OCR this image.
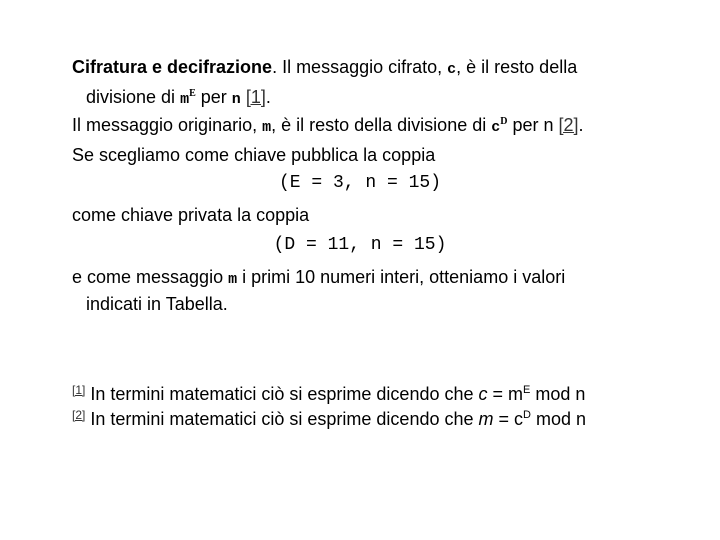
Cifratura e decifrazione. Il messaggio cifrato, c, è il resto della
divisione di $m^E$ per n [1].
Il messaggio originario, m, è il resto della divisione di $c^D$ per n [2].
Se scegliamo come chiave pubblica la coppia
(E = 3, n = 15)
come chiave privata la coppia
(D = 11, n = 15)
e come messaggio m i primi 10 numeri interi, otteniamo i valori
indicati in Tabella.
[1] In termini matematici ciò si esprime dicendo che $c = m^E$ mod n
[2] In termini matematici ciò si esprime dicendo che $m = c^D$ mod n
